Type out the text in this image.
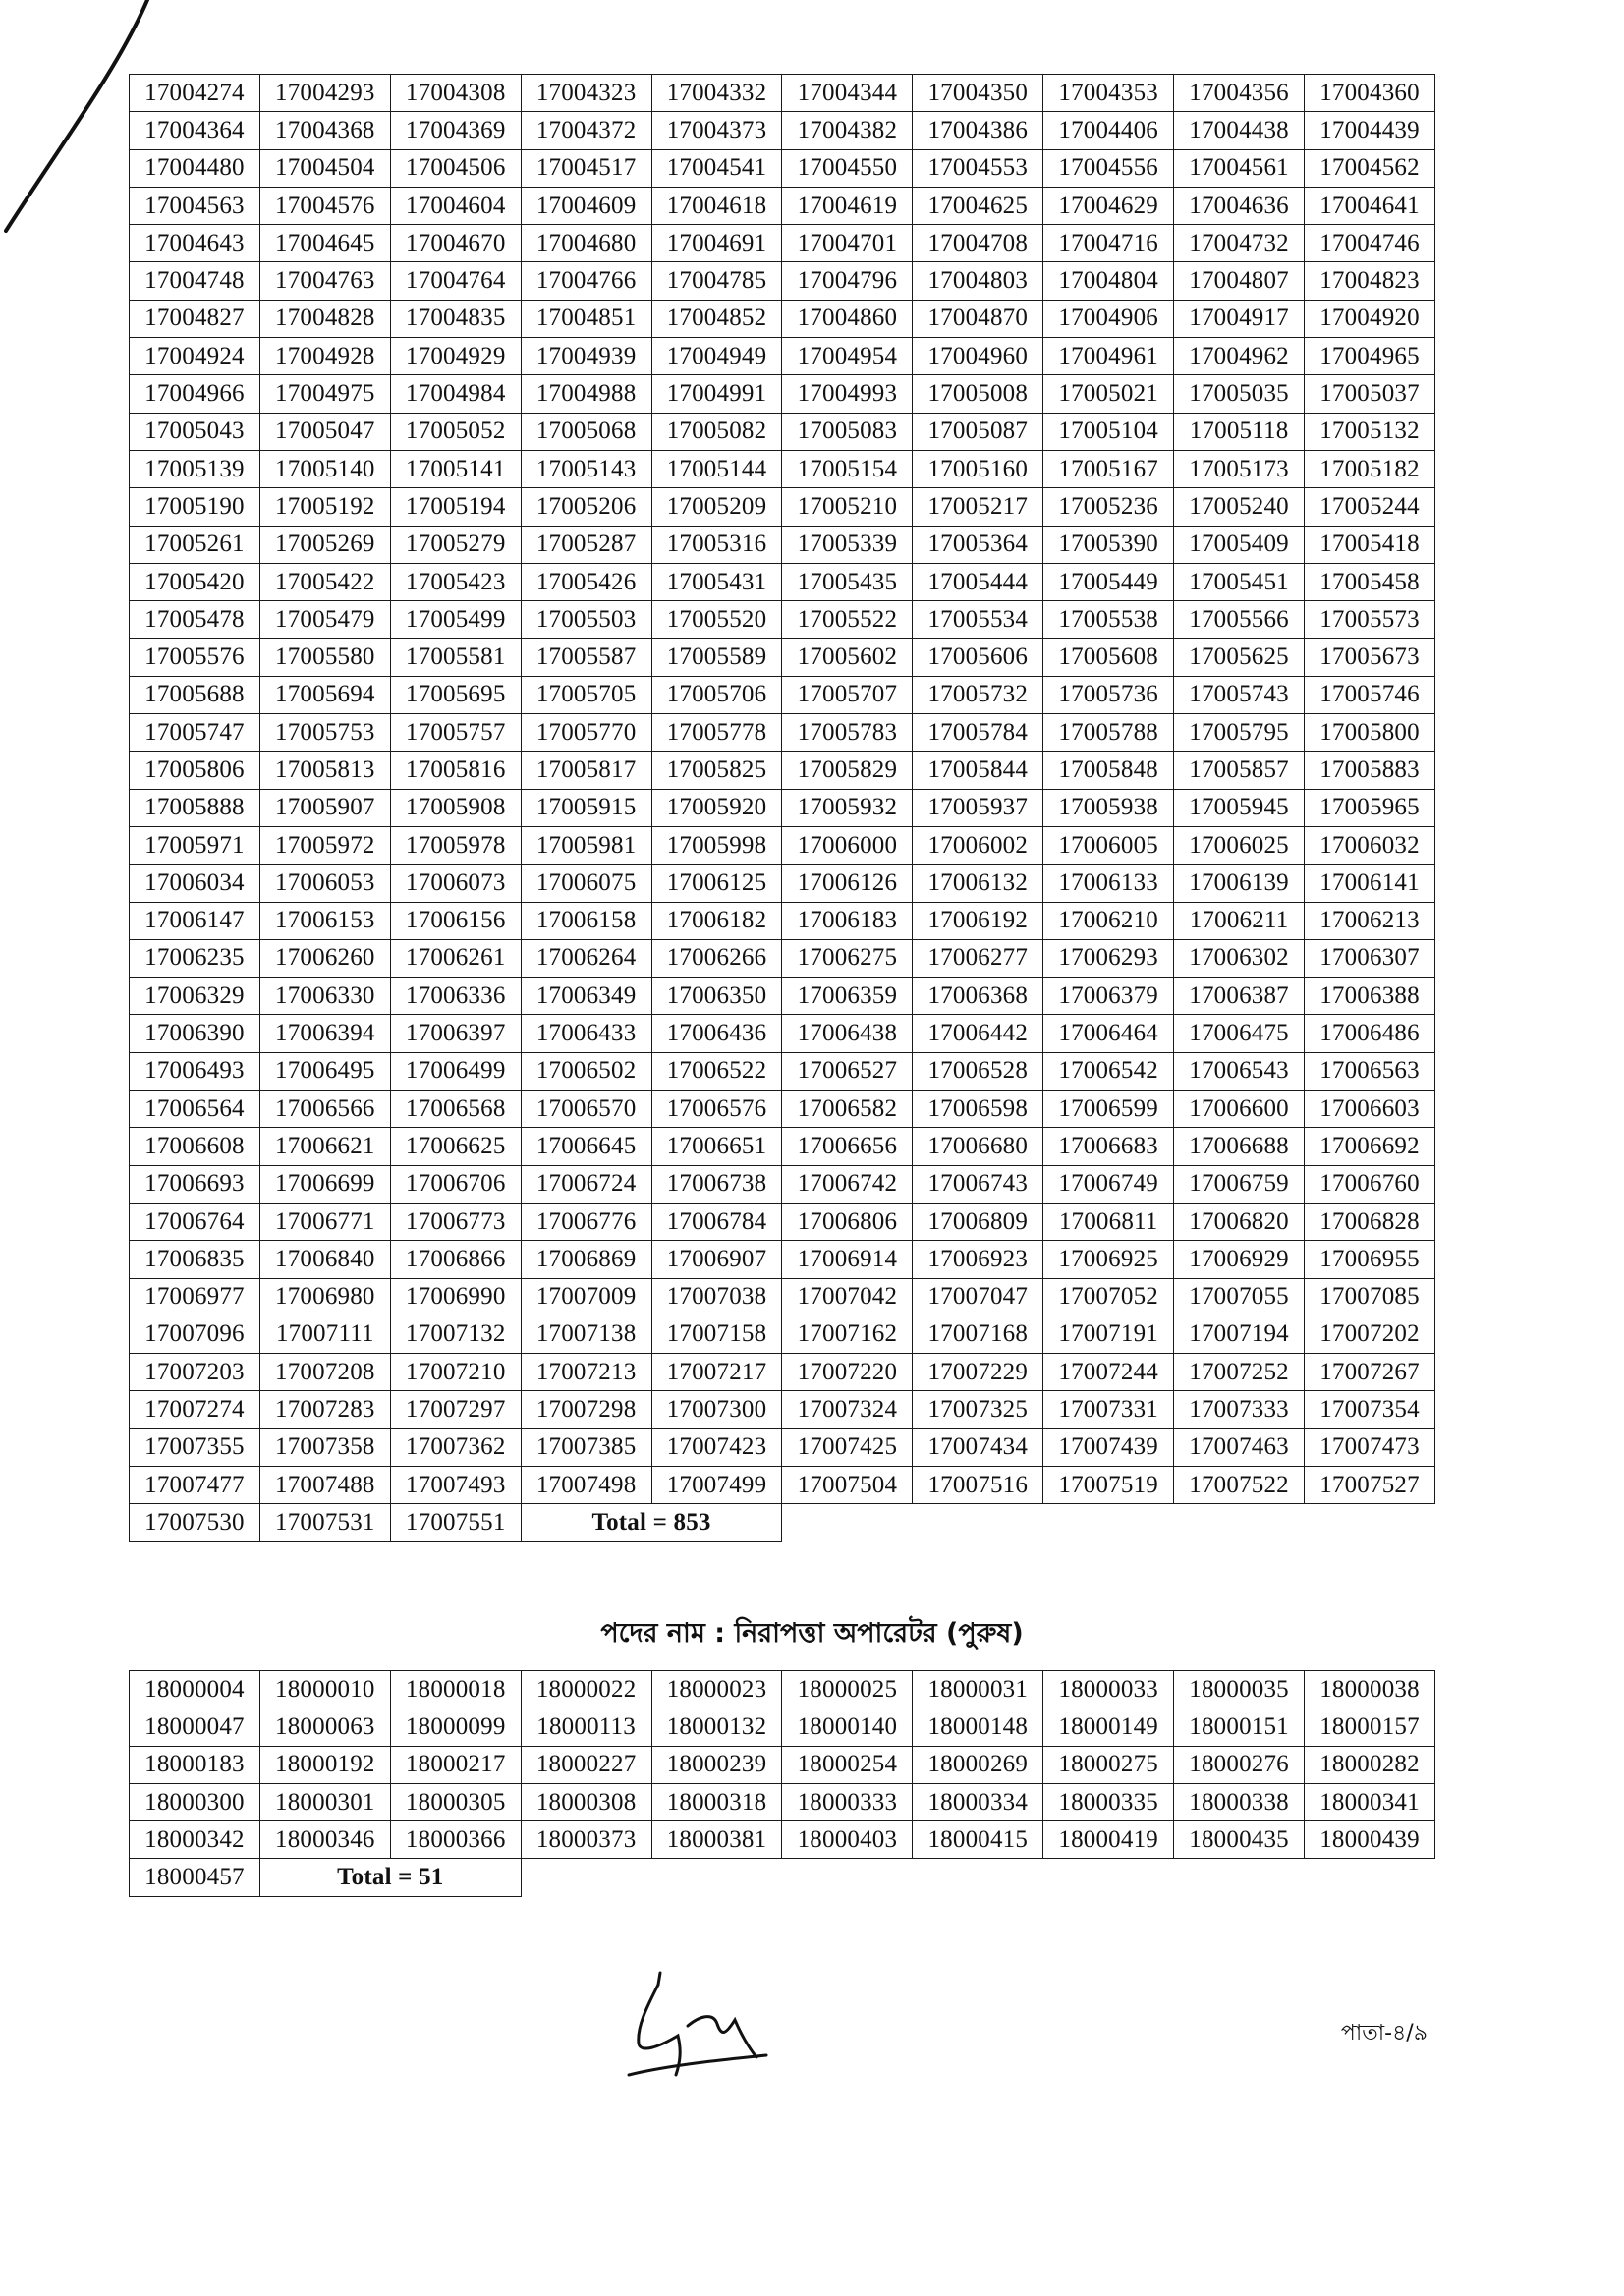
17004274	17004293	17004308	17004323	17004332	17004344	17004350	17004353	17004356	17004360
17004364	17004368	17004369	17004372	17004373	17004382	17004386	17004406	17004438	17004439
17004480	17004504	17004506	17004517	17004541	17004550	17004553	17004556	17004561	17004562
17004563	17004576	17004604	17004609	17004618	17004619	17004625	17004629	17004636	17004641
17004643	17004645	17004670	17004680	17004691	17004701	17004708	17004716	17004732	17004746
17004748	17004763	17004764	17004766	17004785	17004796	17004803	17004804	17004807	17004823
17004827	17004828	17004835	17004851	17004852	17004860	17004870	17004906	17004917	17004920
17004924	17004928	17004929	17004939	17004949	17004954	17004960	17004961	17004962	17004965
17004966	17004975	17004984	17004988	17004991	17004993	17005008	17005021	17005035	17005037
17005043	17005047	17005052	17005068	17005082	17005083	17005087	17005104	17005118	17005132
17005139	17005140	17005141	17005143	17005144	17005154	17005160	17005167	17005173	17005182
17005190	17005192	17005194	17005206	17005209	17005210	17005217	17005236	17005240	17005244
17005261	17005269	17005279	17005287	17005316	17005339	17005364	17005390	17005409	17005418
17005420	17005422	17005423	17005426	17005431	17005435	17005444	17005449	17005451	17005458
17005478	17005479	17005499	17005503	17005520	17005522	17005534	17005538	17005566	17005573
17005576	17005580	17005581	17005587	17005589	17005602	17005606	17005608	17005625	17005673
17005688	17005694	17005695	17005705	17005706	17005707	17005732	17005736	17005743	17005746
17005747	17005753	17005757	17005770	17005778	17005783	17005784	17005788	17005795	17005800
17005806	17005813	17005816	17005817	17005825	17005829	17005844	17005848	17005857	17005883
17005888	17005907	17005908	17005915	17005920	17005932	17005937	17005938	17005945	17005965
17005971	17005972	17005978	17005981	17005998	17006000	17006002	17006005	17006025	17006032
17006034	17006053	17006073	17006075	17006125	17006126	17006132	17006133	17006139	17006141
17006147	17006153	17006156	17006158	17006182	17006183	17006192	17006210	17006211	17006213
17006235	17006260	17006261	17006264	17006266	17006275	17006277	17006293	17006302	17006307
17006329	17006330	17006336	17006349	17006350	17006359	17006368	17006379	17006387	17006388
17006390	17006394	17006397	17006433	17006436	17006438	17006442	17006464	17006475	17006486
17006493	17006495	17006499	17006502	17006522	17006527	17006528	17006542	17006543	17006563
17006564	17006566	17006568	17006570	17006576	17006582	17006598	17006599	17006600	17006603
17006608	17006621	17006625	17006645	17006651	17006656	17006680	17006683	17006688	17006692
17006693	17006699	17006706	17006724	17006738	17006742	17006743	17006749	17006759	17006760
17006764	17006771	17006773	17006776	17006784	17006806	17006809	17006811	17006820	17006828
17006835	17006840	17006866	17006869	17006907	17006914	17006923	17006925	17006929	17006955
17006977	17006980	17006990	17007009	17007038	17007042	17007047	17007052	17007055	17007085
17007096	17007111	17007132	17007138	17007158	17007162	17007168	17007191	17007194	17007202
17007203	17007208	17007210	17007213	17007217	17007220	17007229	17007244	17007252	17007267
17007274	17007283	17007297	17007298	17007300	17007324	17007325	17007331	17007333	17007354
17007355	17007358	17007362	17007385	17007423	17007425	17007434	17007439	17007463	17007473
17007477	17007488	17007493	17007498	17007499	17007504	17007516	17007519	17007522	17007527
17007530	17007531	17007551	Total = 853						
পদের নাম : নিরাপত্তা অপারেটর (পুরুষ)
18000004	18000010	18000018	18000022	18000023	18000025	18000031	18000033	18000035	18000038
18000047	18000063	18000099	18000113	18000132	18000140	18000148	18000149	18000151	18000157
18000183	18000192	18000217	18000227	18000239	18000254	18000269	18000275	18000276	18000282
18000300	18000301	18000305	18000308	18000318	18000333	18000334	18000335	18000338	18000341
18000342	18000346	18000366	18000373	18000381	18000403	18000415	18000419	18000435	18000439
18000457	Total = 51								
পাতা-৪/৯
